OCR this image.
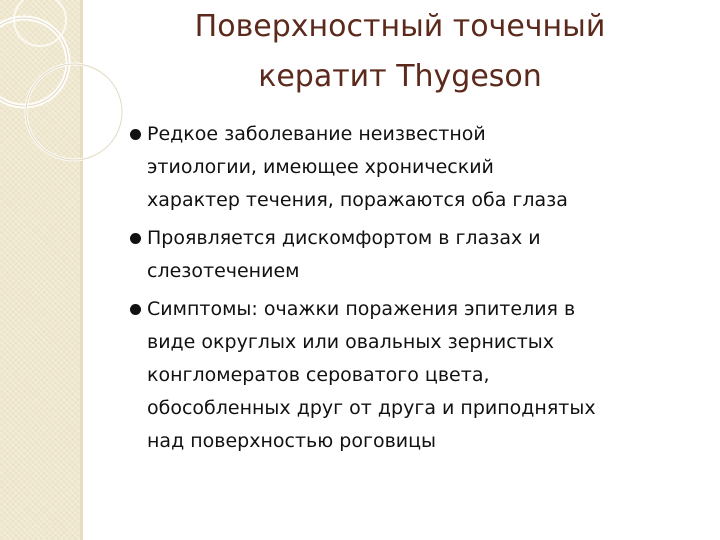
Поверхностный точечный
кератит Thygeson
Редкое заболевание неизвестной
этиологии, имеющее хронический
характер течения, поражаются оба глаза
Проявляется дискомфортом в глазах и
слезотечением
Симптомы: очажки поражения эпителия в
виде округлых или овальных зернистых
конгломератов сероватого цвета,
обособленных друг от друга и приподнятых
над поверхностью роговицы
